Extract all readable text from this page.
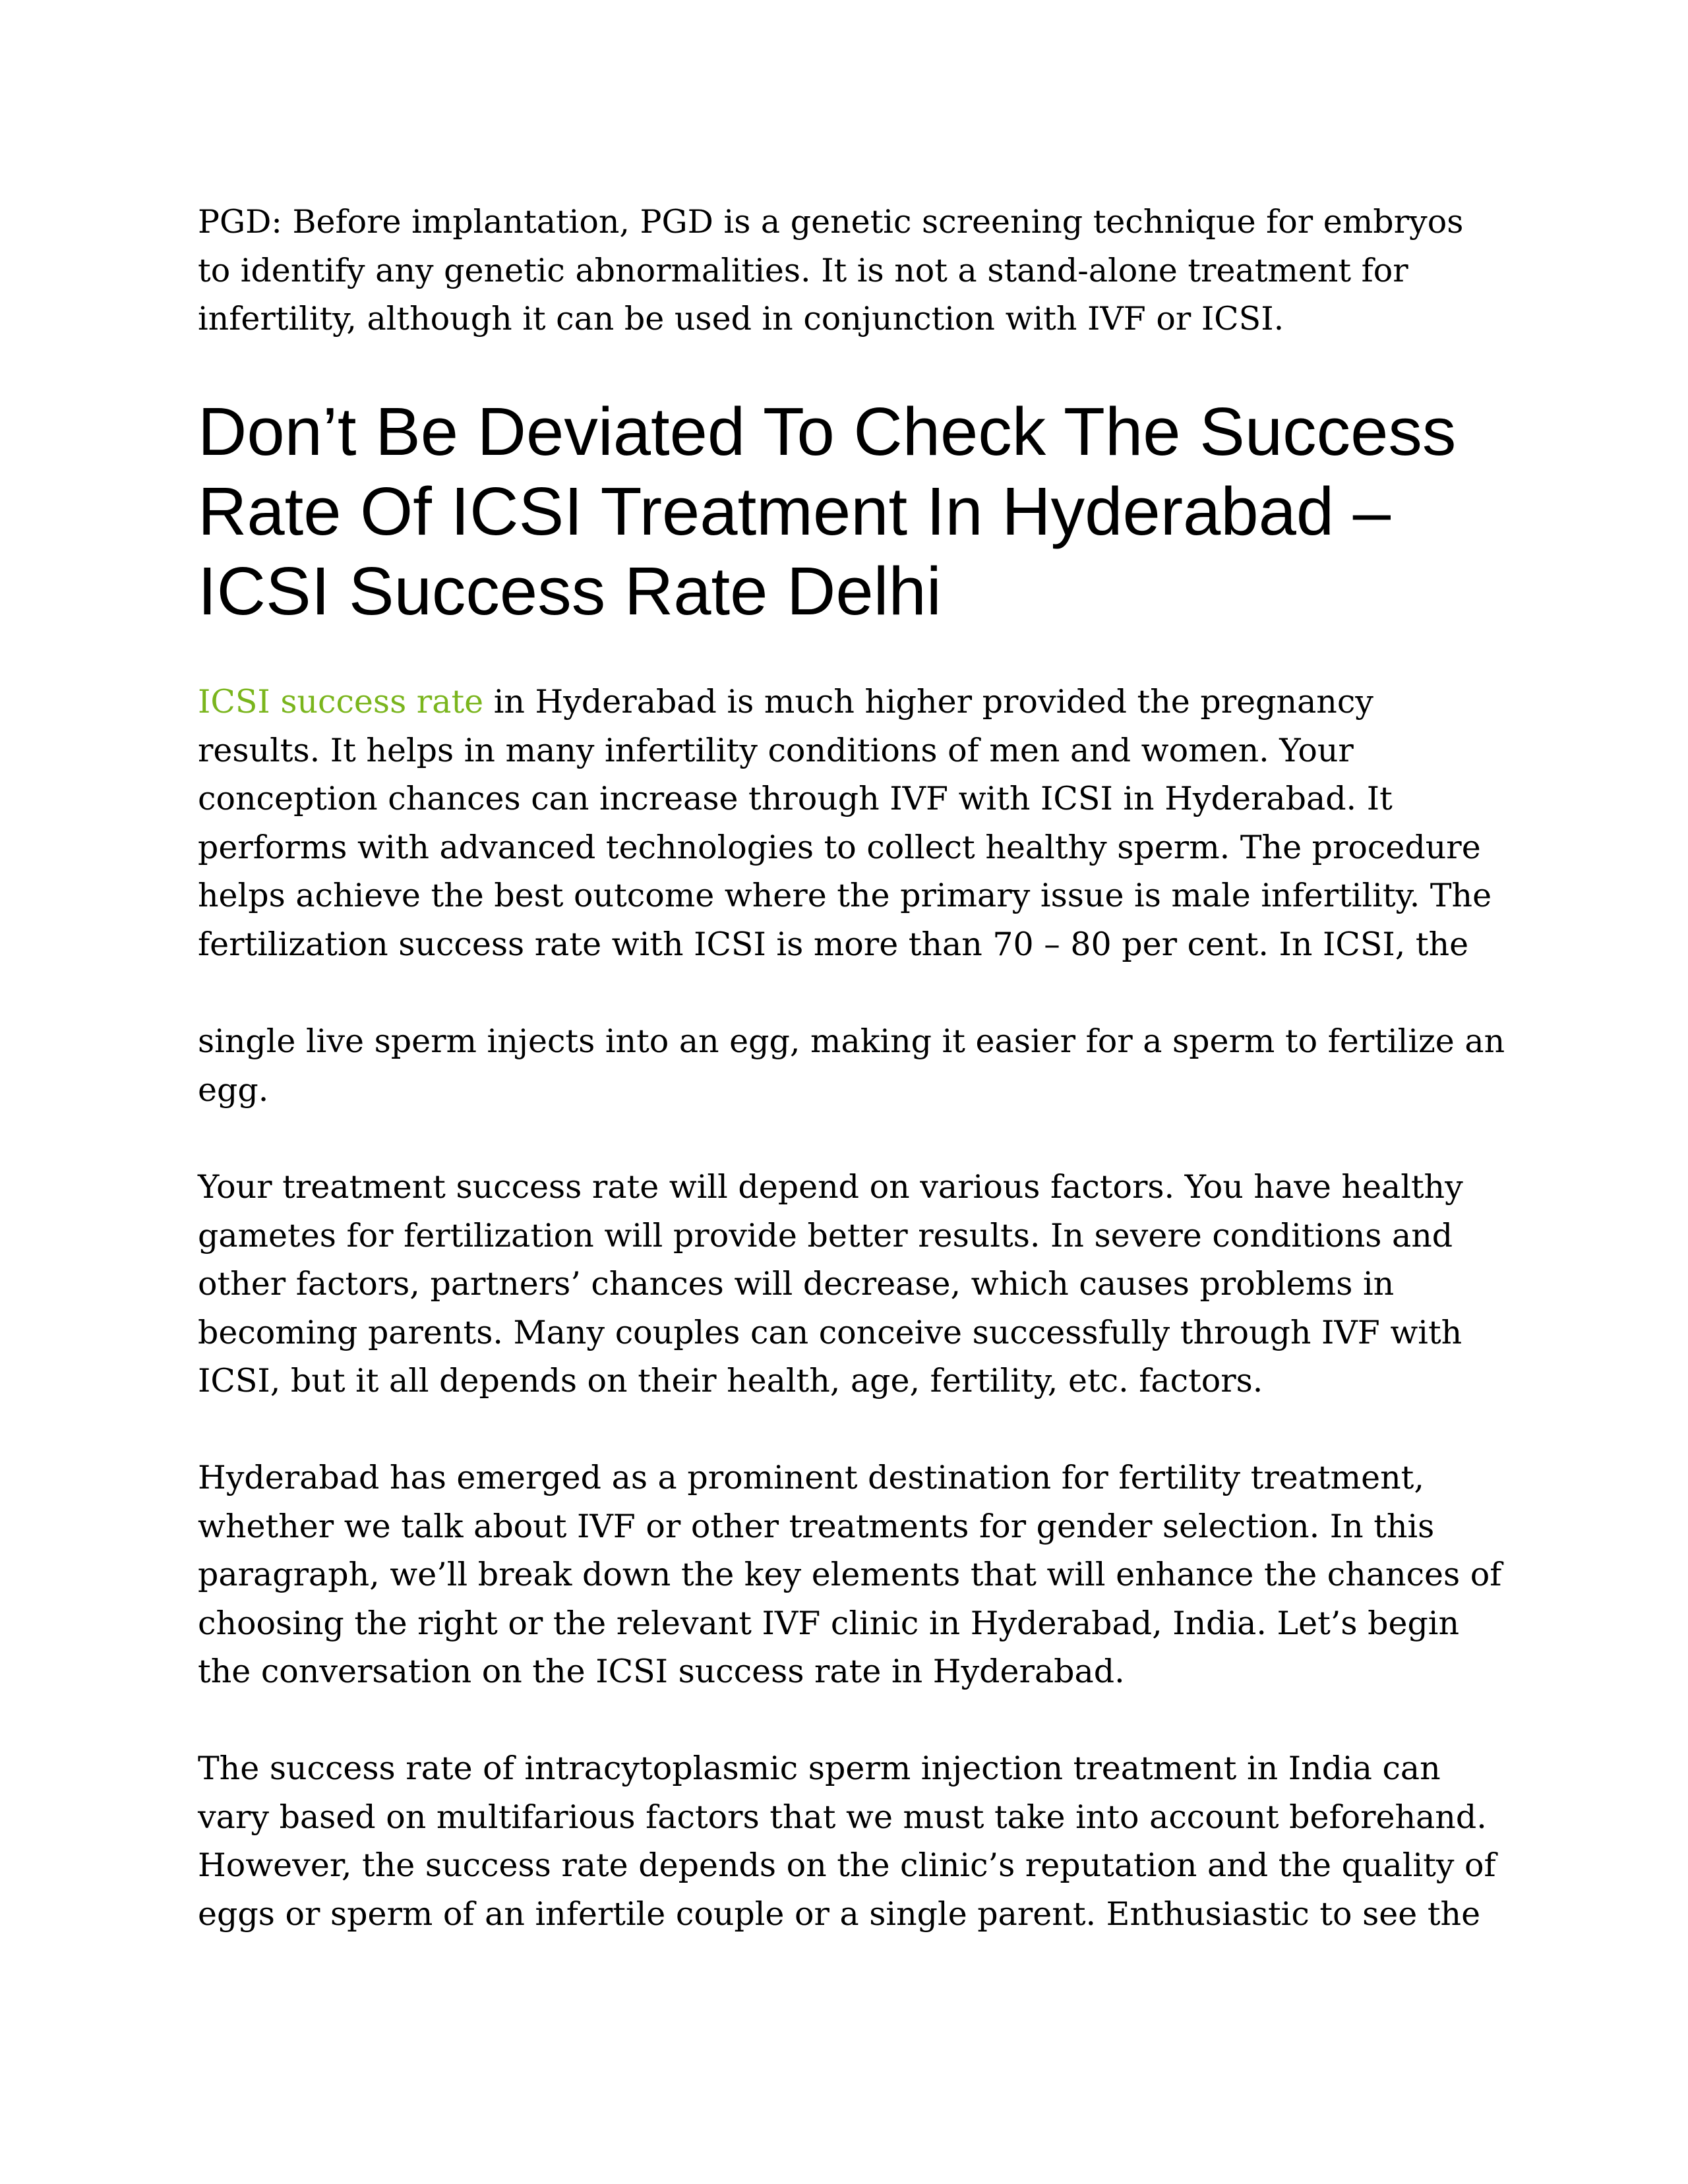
PGD: Before implantation, PGD is a genetic screening technique for embryos
to identify any genetic abnormalities. It is not a stand-alone treatment for
infertility, although it can be used in conjunction with IVF or ICSI.

Don’t Be Deviated To Check The Success
Rate Of ICSI Treatment In Hyderabad –
ICSI Success Rate Delhi

ICSI success rate in Hyderabad is much higher provided the pregnancy
results. It helps in many infertility conditions of men and women. Your
conception chances can increase through IVF with ICSI in Hyderabad. It
performs with advanced technologies to collect healthy sperm. The procedure
helps achieve the best outcome where the primary issue is male infertility. The
fertilization success rate with ICSI is more than 70 – 80 per cent. In ICSI, the

single live sperm injects into an egg, making it easier for a sperm to fertilize an
egg.

Your treatment success rate will depend on various factors. You have healthy
gametes for fertilization will provide better results. In severe conditions and
other factors, partners’ chances will decrease, which causes problems in
becoming parents. Many couples can conceive successfully through IVF with
ICSI, but it all depends on their health, age, fertility, etc. factors.

Hyderabad has emerged as a prominent destination for fertility treatment,
whether we talk about IVF or other treatments for gender selection. In this
paragraph, we’ll break down the key elements that will enhance the chances of
choosing the right or the relevant IVF clinic in Hyderabad, India. Let’s begin
the conversation on the ICSI success rate in Hyderabad.

The success rate of intracytoplasmic sperm injection treatment in India can
vary based on multifarious factors that we must take into account beforehand.
However, the success rate depends on the clinic’s reputation and the quality of
eggs or sperm of an infertile couple or a single parent. Enthusiastic to see the
